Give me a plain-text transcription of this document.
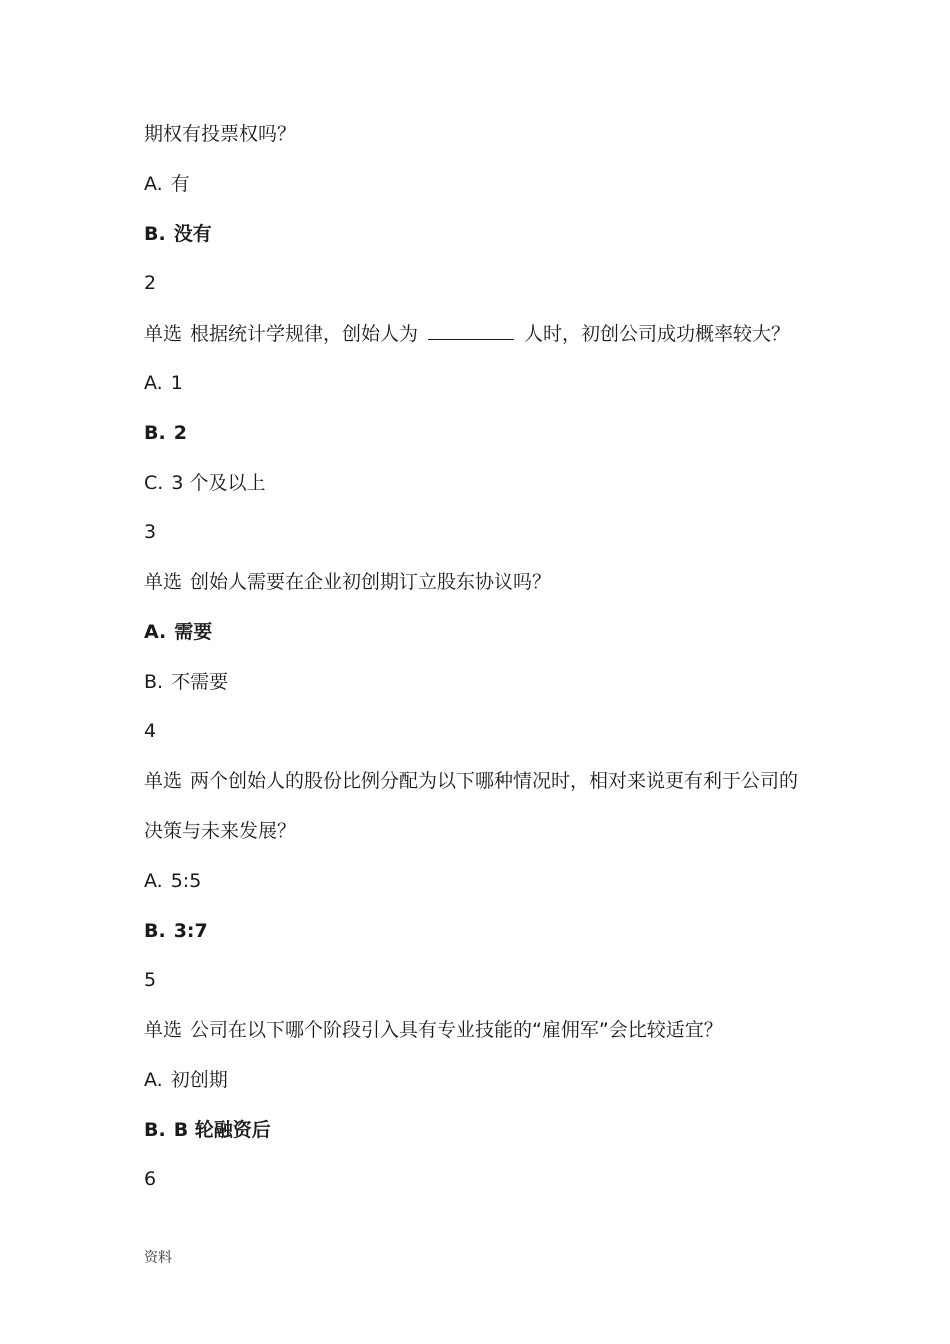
期权有投票权吗？
A. 有
B. 没有
2
单选 根据统计学规律，创始人为	人时，初创公司成功概率较大？
A. 1
B. 2
C. 3 个及以上
3
单选 创始人需要在企业初创期订立股东协议吗？
A. 需要
B. 不需要
4
单选 两个创始人的股份比例分配为以下哪种情况时，相对来说更有利于公司的
决策与未来发展？
A. 5:5
B. 3:7
5
单选 公司在以下哪个阶段引入具有专业技能的“雇佣军”会比较适宜？
A. 初创期
B. B 轮融资后
6
资料
